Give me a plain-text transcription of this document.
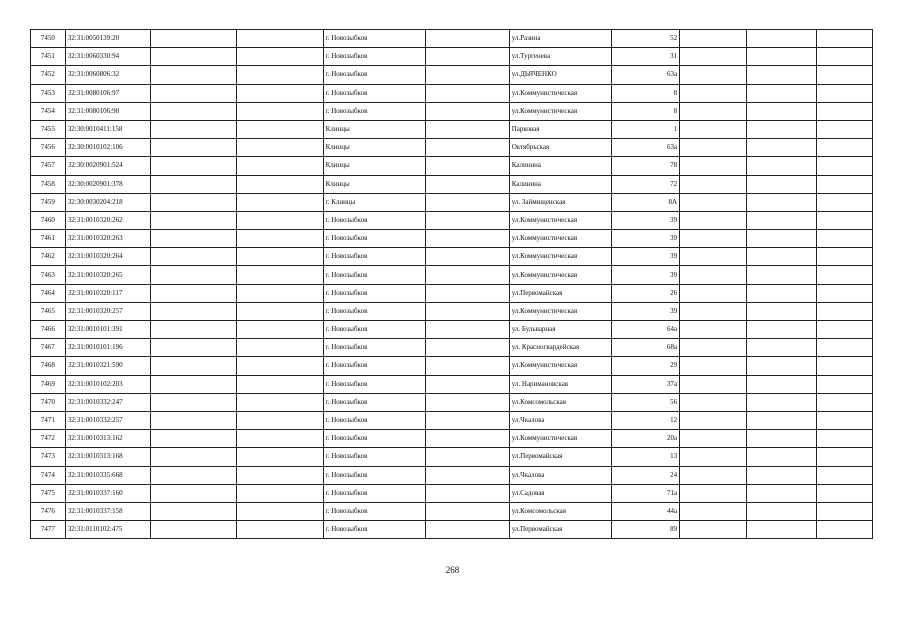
7450	32:31:0050139:20			г. Новозыбков		ул.Разина	52			
7451	32:31:0060330:94			г. Новозыбков		ул.Тургенева	31			
7452	32:31:0060806:32			г. Новозыбков		ул.ДЬЯЧЕНКО	63а			
7453	32:31:0080106:97			г. Новозыбков		ул.Коммунистическая	8			
7454	32:31:0080106:98			г. Новозыбков		ул.Коммунистическая	8			
7455	32:30:0010411:158			Клинцы		Парковая	1			
7456	32:30:0010102:106			Клинцы		Октябрьская	63а			
7457	32:30:0020901:524			Клинцы		Калинина	78			
7458	32:30:0020901:378			Клинцы		Калинина	72			
7459	32:30:0030204:218			г. Клинцы		ул. Займищенская	8А			
7460	32:31:0010320:262			г. Новозыбков		ул.Коммунистическая	39			
7461	32:31:0010320:263			г. Новозыбков		ул.Коммунистическая	39			
7462	32:31:0010320:264			г. Новозыбков		ул.Коммунистическая	39			
7463	32:31:0010320:265			г. Новозыбков		ул.Коммунистическая	39			
7464	32:31:0010320:117			г. Новозыбков		ул.Первомайская	26			
7465	32:31:0010320:257			г. Новозыбков		ул.Коммунистическая	39			
7466	32:31:0010101:391			г. Новозыбков		ул. Бульварная	64а			
7467	32:31:0010101:196			г. Новозыбков		ул. Красногвардейская	68а			
7468	32:31:0010321:590			г. Новозыбков		ул.Коммунистическая	29			
7469	32:31:0010102:203			г. Новозыбков		ул. Наримановская	37а			
7470	32:31:0010332:247			г. Новозыбков		ул.Комсомольская	56			
7471	32:31:0010332:257			г. Новозыбков		ул.Чкалова	12			
7472	32:31:0010313:162			г. Новозыбков		ул.Коммунистическая	20а			
7473	32:31:0010313:168			г. Новозыбков		ул.Первомайская	13			
7474	32:31:0010335:668			г. Новозыбков		ул.Чкалова	24			
7475	32:31:0010337:160			г. Новозыбков		ул.Садовая	71а			
7476	32:31:0010337:158			г. Новозыбков		ул.Комсомольская	44а			
7477	32:31:0110102:475			г. Новозыбков		ул.Первомайская	89			
268
